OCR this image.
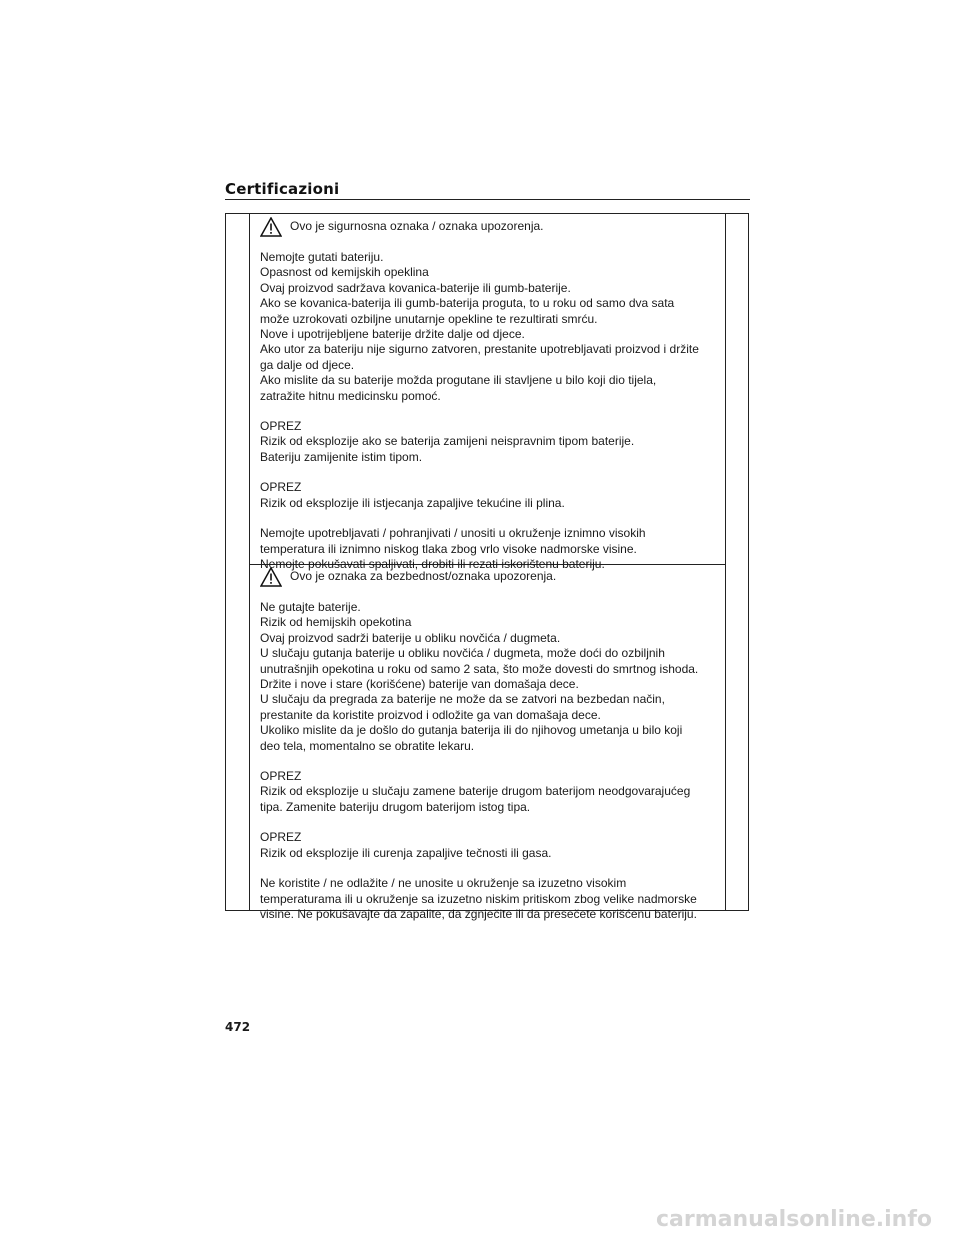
Certificazioni
Ovo je sigurnosna oznaka / oznaka upozorenja.

Nemojte gutati bateriju.

Opasnost od kemijskih opeklina

Ovaj proizvod sadržava kovanica-baterije ili gumb-baterije.

Ako se kovanica-baterija ili gumb-baterija proguta, to u roku od samo dva sata

može uzrokovati ozbiljne unutarnje opekline te rezultirati smrću.

Nove i upotrijebljene baterije držite dalje od djece.

Ako utor za bateriju nije sigurno zatvoren, prestanite upotrebljavati proizvod i držite

ga dalje od djece.

Ako mislite da su baterije možda progutane ili stavljene u bilo koji dio tijela,

zatražite hitnu medicinsku pomoć.

OPREZ

Rizik od eksplozije ako se baterija zamijeni neispravnim tipom baterije.

Bateriju zamijenite istim tipom.

OPREZ

Rizik od eksplozije ili istjecanja zapaljive tekućine ili plina.

Nemojte upotrebljavati / pohranjivati / unositi u okruženje iznimno visokih

temperatura ili iznimno niskog tlaka zbog vrlo visoke nadmorske visine.

Nemojte pokušavati spaljivati, drobiti ili rezati iskorištenu bateriju.

Ovo je oznaka za bezbednost/oznaka upozorenja.

Ne gutajte baterije.

Rizik od hemijskih opekotina

Ovaj proizvod sadrži baterije u obliku novčića / dugmeta.

U slučaju gutanja baterije u obliku novčića / dugmeta, može doći do ozbiljnih

unutrašnjih opekotina u roku od samo 2 sata, što može dovesti do smrtnog ishoda.

Držite i nove i stare (korišćene) baterije van domašaja dece.

U slučaju da pregrada za baterije ne može da se zatvori na bezbedan način,

prestanite da koristite proizvod i odložite ga van domašaja dece.

Ukoliko mislite da je došlo do gutanja baterija ili do njihovog umetanja u bilo koji

deo tela, momentalno se obratite lekaru.

OPREZ

Rizik od eksplozije u slučaju zamene baterije drugom baterijom neodgovarajućeg

tipa. Zamenite bateriju drugom baterijom istog tipa.

OPREZ

Rizik od eksplozije ili curenja zapaljive tečnosti ili gasa.

Ne koristite / ne odlažite / ne unosite u okruženje sa izuzetno visokim

temperaturama ili u okruženje sa izuzetno niskim pritiskom zbog velike nadmorske

visine. Ne pokušavajte da zapalite, da zgnječite ili da presečete korišćenu bateriju.

472
carmanualsonline.info
